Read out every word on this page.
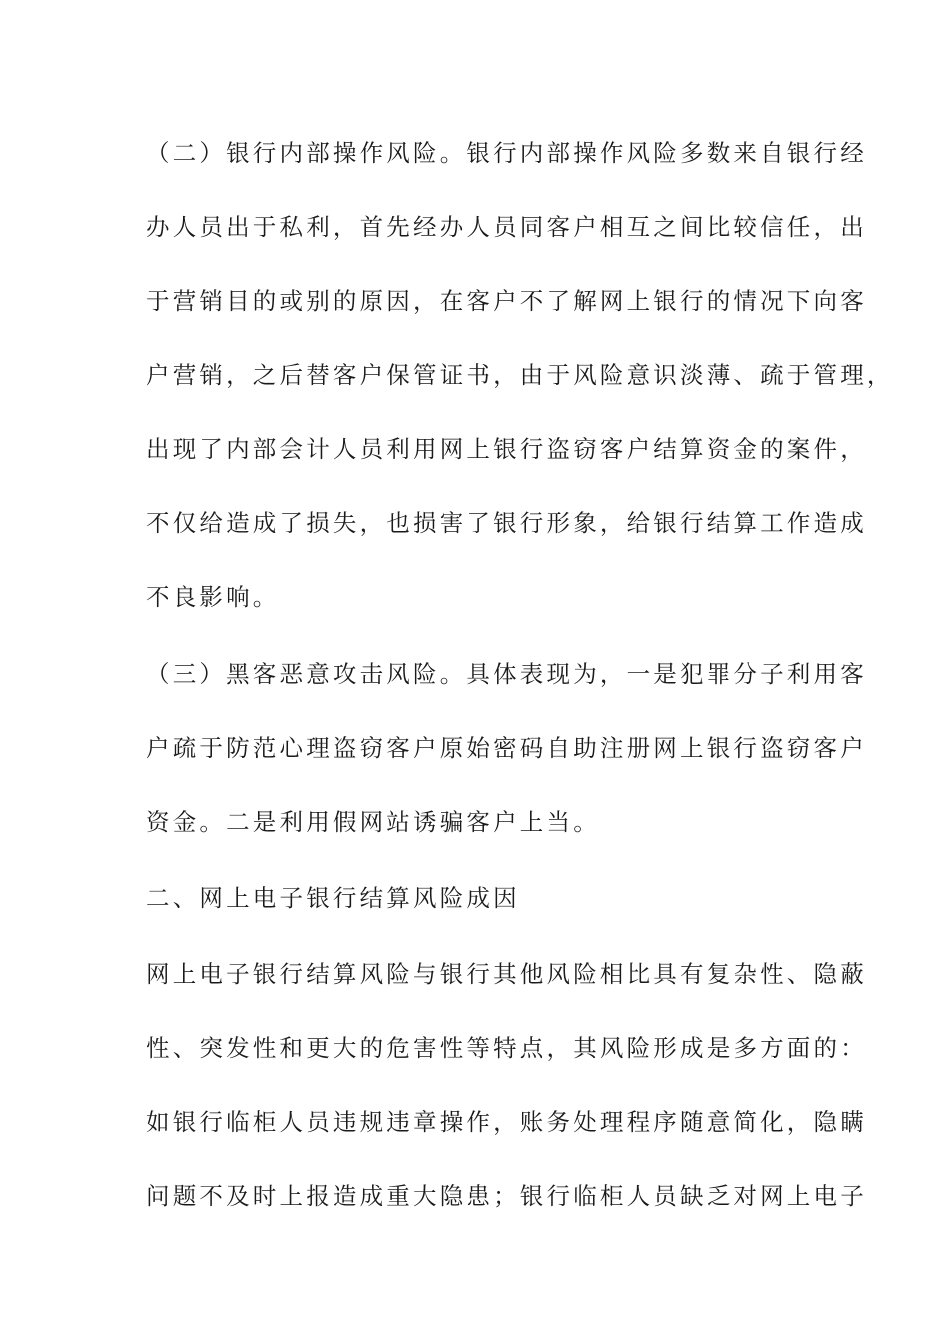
（二）银行内部操作风险。银行内部操作风险多数来自银行经
办人员出于私利，首先经办人员同客户相互之间比较信任，出
于营销目的或别的原因，在客户不了解网上银行的情况下向客
户营销，之后替客户保管证书，由于风险意识淡薄、疏于管理，
出现了内部会计人员利用网上银行盗窃客户结算资金的案件，
不仅给造成了损失，也损害了银行形象，给银行结算工作造成
不良影响。
（三）黑客恶意攻击风险。具体表现为，一是犯罪分子利用客
户疏于防范心理盗窃客户原始密码自助注册网上银行盗窃客户
资金。二是利用假网站诱骗客户上当。
二、网上电子银行结算风险成因
网上电子银行结算风险与银行其他风险相比具有复杂性、隐蔽
性、突发性和更大的危害性等特点，其风险形成是多方面的：
如银行临柜人员违规违章操作，账务处理程序随意简化，隐瞒
问题不及时上报造成重大隐患；银行临柜人员缺乏对网上电子
